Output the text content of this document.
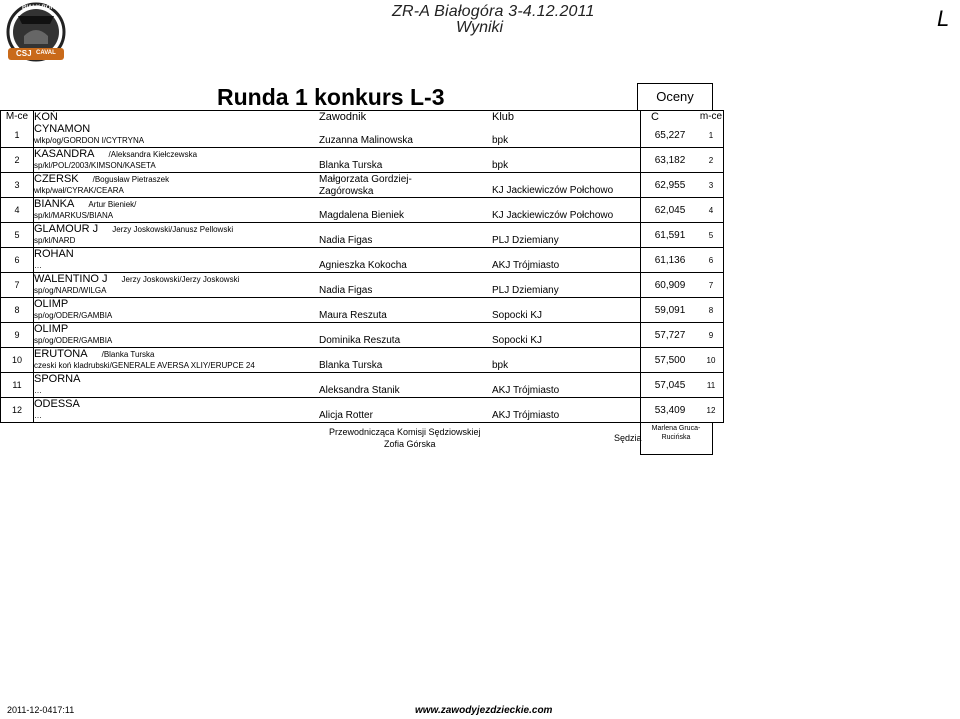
BIAŁY BÓR
CSJ CAVAL
ZR-A Białogóra 3-4.12.2011
Wyniki	L
Runda 1 konkurs L-3	Oceny
M-ce	KOŃ	Zawodnik	Klub	C	m-ce
1	CYNAMON
wlkp/og/GORDON I/CYTRYNA	Zuzanna Malinowska	bpk	65,227	1
2	KASANDRA /Aleksandra Kiełczewska
sp/kl/POL/2003/KIMSON/KASETA	Blanka Turska	bpk	63,182	2
3	CZERSK /Bogusław Pietraszek
wlkp/wał/CYRAK/CEARA	Małgorzata Gordziej-
Zagórowska	KJ Jackiewiczów Połchowo	62,955	3
4	BIANKA Artur Bieniek/
sp/kl/MARKUS/BIANA	Magdalena Bieniek	KJ Jackiewiczów Połchowo	62,045	4
5	GLAMOUR J Jerzy Joskowski/Janusz Pellowski
sp/kl/NARD	Nadia Figas	PLJ Dziemiany	61,591	5
6	ROHAN
…	Agnieszka Kokocha	AKJ Trójmiasto	61,136	6
7	WALENTINO J Jerzy Joskowski/Jerzy Joskowski
sp/og/NARD/WILGA	Nadia Figas	PLJ Dziemiany	60,909	7
8	OLIMP
sp/og/ODER/GAMBIA	Maura Reszuta	Sopocki KJ	59,091	8
9	OLIMP
sp/og/ODER/GAMBIA	Dominika Reszuta	Sopocki KJ	57,727	9
10	ERUTONA /Blanka Turska
czeski koń kladrubski/GENERALE AVERSA XLIY/ERUPCE 24	Blanka Turska	bpk	57,500	10
11	SPORNA
…	Aleksandra Stanik	AKJ Trójmiasto	57,045	11
12	ODESSA
…	Alicja Rotter	AKJ Trójmiasto	53,409	12
Przewodnicząca Komisji Sędziowskiej
Zofia Górska
Sędzia
Marlena Gruca-Rucińska
2011-12-0417:11	www.zawodyjezdzieckie.com
